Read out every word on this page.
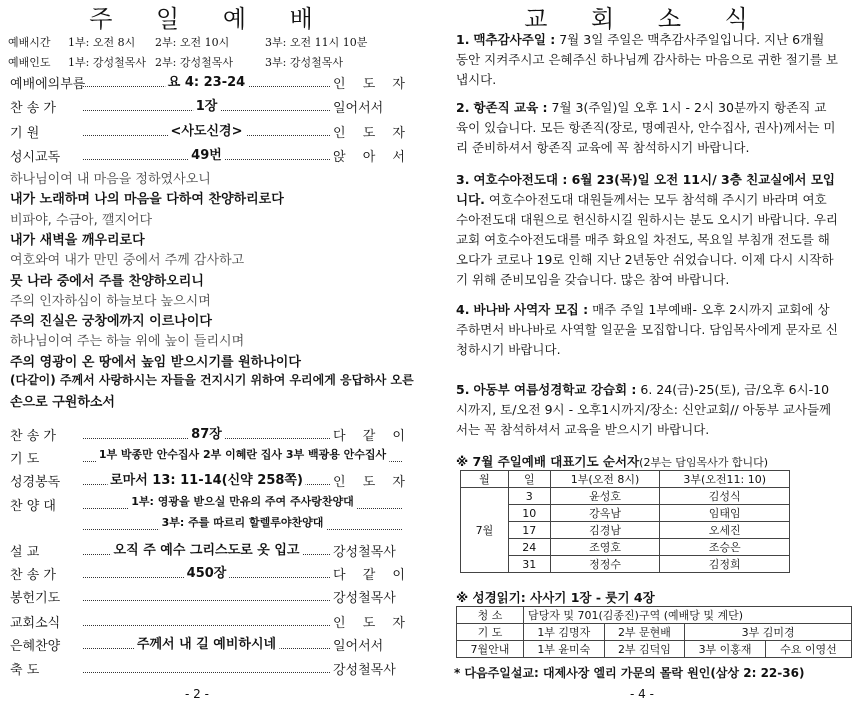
주 일 예 배
예배시간 1부: 오전 8시 2부: 오전 10시	3부: 오전 11시 10분
예배인도 1부: 강성철목사 2부: 강성철목사	3부: 강성철목사
예배에의부름	요 4: 23-24	인 도 자
찬 송 가	1장	일어서서
기 원	<사도신경>	인 도 자
성시교독	49번	앉 아 서
하나님이여 내 마음을 정하였사오니
내가 노래하며 나의 마음을 다하여 찬양하리로다
비파야, 수금아, 깰지어다
내가 새벽을 깨우리로다
여호와여 내가 만민 중에서 주께 감사하고
뭇 나라 중에서 주를 찬양하오리니
주의 인자하심이 하늘보다 높으시며
주의 진실은 궁창에까지 이르나이다
하나님이여 주는 하늘 위에 높이 들리시며
주의 영광이 온 땅에서 높임 받으시기를 원하나이다
(다같이) 주께서 사랑하시는 자들을 건지시기 위하여 우리에게 응답하사 오른
손으로 구원하소서
찬 송 가	87장	다 같 이
기 도	1부 박종만 안수집사 2부 이혜란 집사 3부 백광용 안수집사
성경봉독	로마서 13: 11-14(신약 258쪽) 인 도 자
찬 양 대	1부: 영광을 받으실 만유의 주여 주사랑찬양대
3부: 주를 따르리 할렐루야찬양대
설 교	오직 주 예수 그리스도로 옷 입고	강성철목사
찬 송 가	450장	다 같 이
봉헌기도	강성철목사
교회소식	인 도 자
은혜찬양	주께서 내 길 예비하시네	일어서서
축 도	강성철목사
- 2 -
교 회 소 식
1. 맥추감사주일 : 7월 3일 주일은 맥추감사주일입니다. 지난 6개월 동안 지켜주시고 은혜주신 하나님께 감사하는 마음으로 귀한 절기를 보냅시다.
2. 항존직 교육 : 7월 3(주일)일 오후 1시 - 2시 30분까지 항존직 교육이 있습니다. 모든 항존직(장로, 명예권사, 안수집사, 권사)께서는 미리 준비하셔서 항존직 교육에 꼭 참석하시기 바랍니다.
3. 여호수아전도대 : 6월 23(목)일 오전 11시/ 3층 친교실에서 모입니다. 여호수아전도대 대원들께서는 모두 참석해 주시기 바라며 여호수아전도대 대원으로 헌신하시길 원하시는 분도 오시기 바랍니다. 우리교회 여호수아전도대를 매주 화요일 차전도, 목요일 부침개 전도를 해오다가 코로나 19로 인해 지난 2년동안 쉬었습니다. 이제 다시 시작하기 위해 준비모임을 갖습니다. 많은 참여 바랍니다.
4. 바나바 사역자 모집 : 매주 주일 1부예배- 오후 2시까지 교회에 상주하면서 바나바로 사역할 일꾼을 모집합니다. 담임목사에게 문자로 신청하시기 바랍니다.
5. 아동부 여름성경학교 강습회 : 6. 24(금)-25(토), 금/오후 6시-10시까지, 토/오전 9시 - 오후1시까지/장소: 신안교회// 아동부 교사들께서는 꼭 참석하셔서 교육을 받으시기 바랍니다.
※ 7월 주일예배 대표기도 순서자(2부는 담임목사가 합니다)
월	일	1부(오전 8시)	3부(오전11: 10)
7월	3	윤성호	김성식
	10	강옥남	임태임
	17	김경남	오세진
	24	조영호	조승은
	31	정정수	김정희
※ 성경읽기: 사사기 1장 - 룻기 4장
청 소	담당자 및 701(김종진)구역 (예배당 및 계단)			
기 도	1부 김명자	2부 문현배	3부 김미경	
7월안내	1부 윤미숙	2부 김덕임	3부 이홍재	수요 이영선
* 다음주일설교: 대제사장 엘리 가문의 몰락 원인(삼상 2: 22-36)
- 4 -
